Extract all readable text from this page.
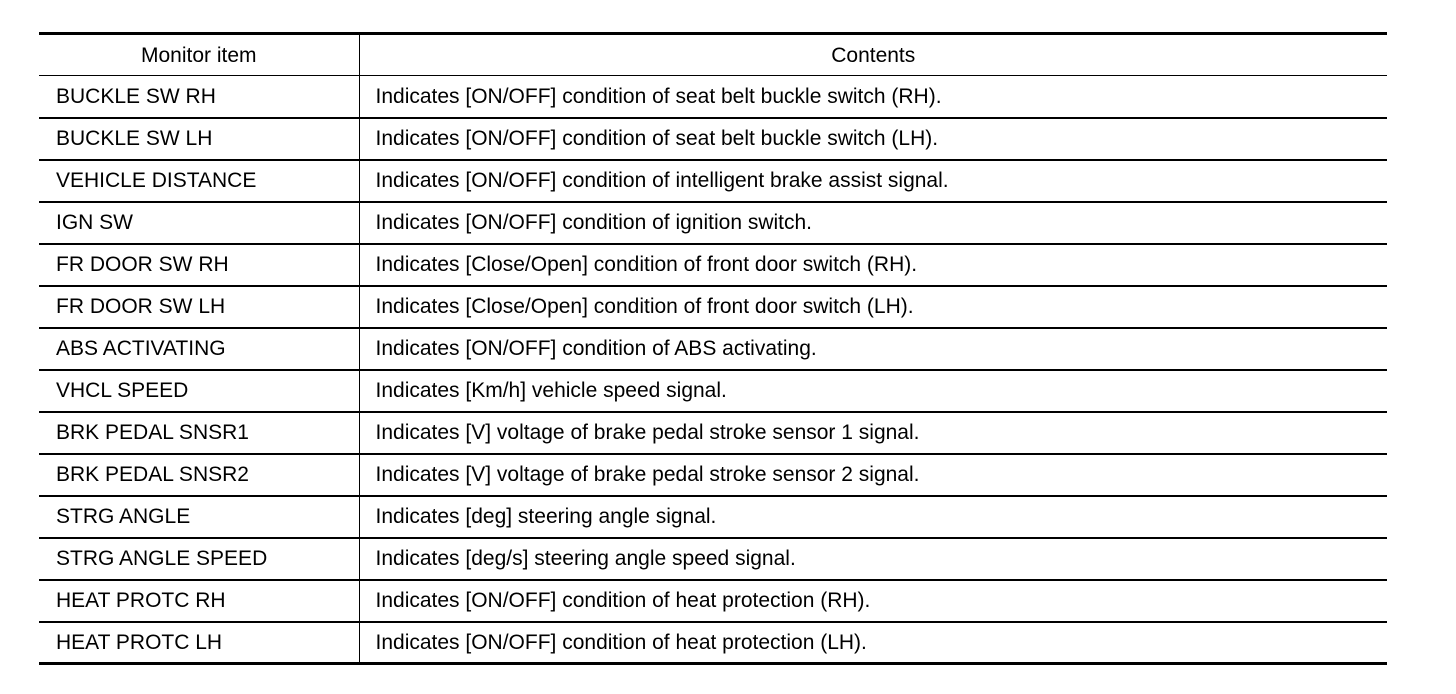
Monitor item	Contents
BUCKLE SW RH	Indicates [ON/OFF] condition of seat belt buckle switch (RH).
BUCKLE SW LH	Indicates [ON/OFF] condition of seat belt buckle switch (LH).
VEHICLE DISTANCE	Indicates [ON/OFF] condition of intelligent brake assist signal.
IGN SW	Indicates [ON/OFF] condition of ignition switch.
FR DOOR SW RH	Indicates [Close/Open] condition of front door switch (RH).
FR DOOR SW LH	Indicates [Close/Open] condition of front door switch (LH).
ABS ACTIVATING	Indicates [ON/OFF] condition of ABS activating.
VHCL SPEED	Indicates [Km/h] vehicle speed signal.
BRK PEDAL SNSR1	Indicates [V] voltage of brake pedal stroke sensor 1 signal.
BRK PEDAL SNSR2	Indicates [V] voltage of brake pedal stroke sensor 2 signal.
STRG ANGLE	Indicates [deg] steering angle signal.
STRG ANGLE SPEED	Indicates [deg/s] steering angle speed signal.
HEAT PROTC RH	Indicates [ON/OFF] condition of heat protection (RH).
HEAT PROTC LH	Indicates [ON/OFF] condition of heat protection (LH).
